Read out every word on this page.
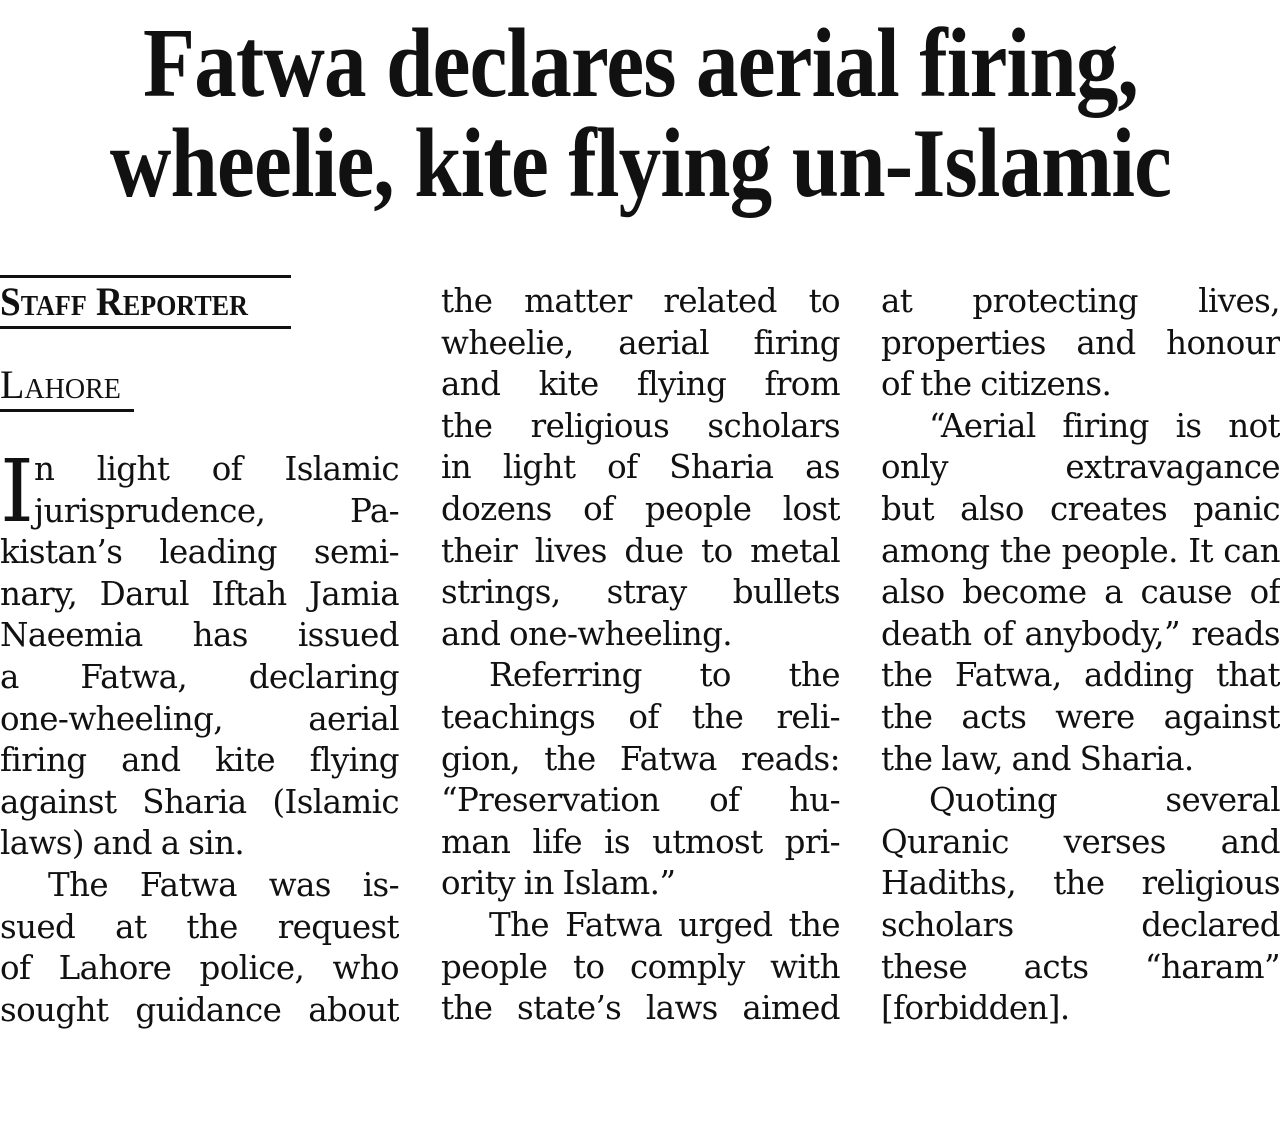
Fatwa declares aerial firing,
wheelie, kite flying un-Islamic
Staff Reporter
Lahore
I n light of Islamic

jurisprudence, Pa-

kistan’s leading semi-

nary, Darul Iftah Jamia

Naeemia has issued

a Fatwa, declaring

one-wheeling, aerial

firing and kite flying

against Sharia (Islamic

laws) and a sin.

The Fatwa was is-

sued at the request

of Lahore police, who

sought guidance about

the matter related to

wheelie, aerial firing

and kite flying from

the religious scholars

in light of Sharia as

dozens of people lost

their lives due to metal

strings, stray bullets

and one-wheeling.

Referring to the

teachings of the reli-

gion, the Fatwa reads:

“Preservation of hu-

man life is utmost pri-

ority in Islam.”

The Fatwa urged the

people to comply with

the state’s laws aimed

at protecting lives,

properties and honour

of the citizens.

“Aerial firing is not

only extravagance

but also creates panic

among the people. It can

also become a cause of

death of anybody,” reads

the Fatwa, adding that

the acts were against

the law, and Sharia.

Quoting several

Quranic verses and

Hadiths, the religious

scholars declared

these acts “haram”

[forbidden].
